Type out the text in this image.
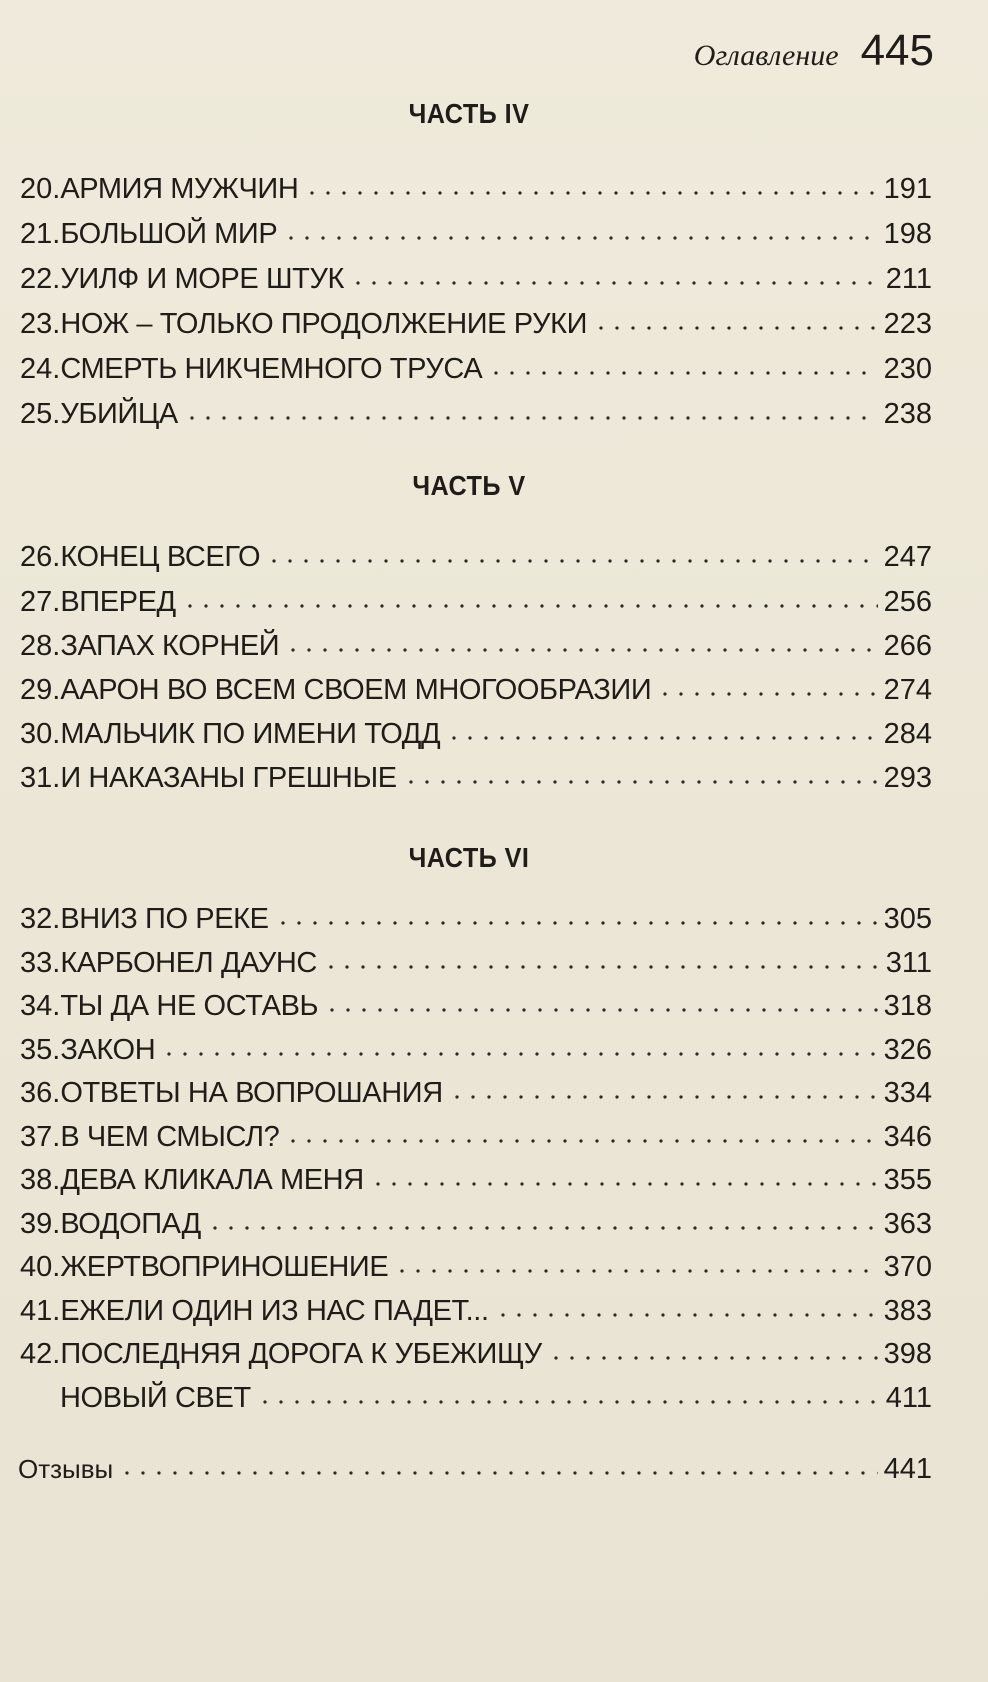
Оглавление 445
ЧАСТЬ IV
20. АРМИЯ МУЖЧИН	191
21. БОЛЬШОЙ МИР	198
22. УИЛФ И МОРЕ ШТУК	211
23. НОЖ – ТОЛЬКО ПРОДОЛЖЕНИЕ РУКИ	223
24. СМЕРТЬ НИКЧЕМНОГО ТРУСА	230
25. УБИЙЦА	238
ЧАСТЬ V
26. КОНЕЦ ВСЕГО	247
27. ВПЕРЕД	256
28. ЗАПАХ КОРНЕЙ	266
29. ААРОН ВО ВСЕМ СВОЕМ МНОГООБРАЗИИ	274
30. МАЛЬЧИК ПО ИМЕНИ ТОДД	284
31. И НАКАЗАНЫ ГРЕШНЫЕ	293
ЧАСТЬ VI
32. ВНИЗ ПО РЕКЕ	305
33. КАРБОНЕЛ ДАУНС	311
34. ТЫ ДА НЕ ОСТАВЬ	318
35. ЗАКОН	326
36. ОТВЕТЫ НА ВОПРОШАНИЯ	334
37. В ЧЕМ СМЫСЛ?	346
38. ДЕВА КЛИКАЛА МЕНЯ	355
39. ВОДОПАД	363
40. ЖЕРТВОПРИНОШЕНИЕ	370
41. ЕЖЕЛИ ОДИН ИЗ НАС ПАДЕТ...	383
42. ПОСЛЕДНЯЯ ДОРОГА К УБЕЖИЩУ	398
НОВЫЙ СВЕТ	411
Отзывы	441
